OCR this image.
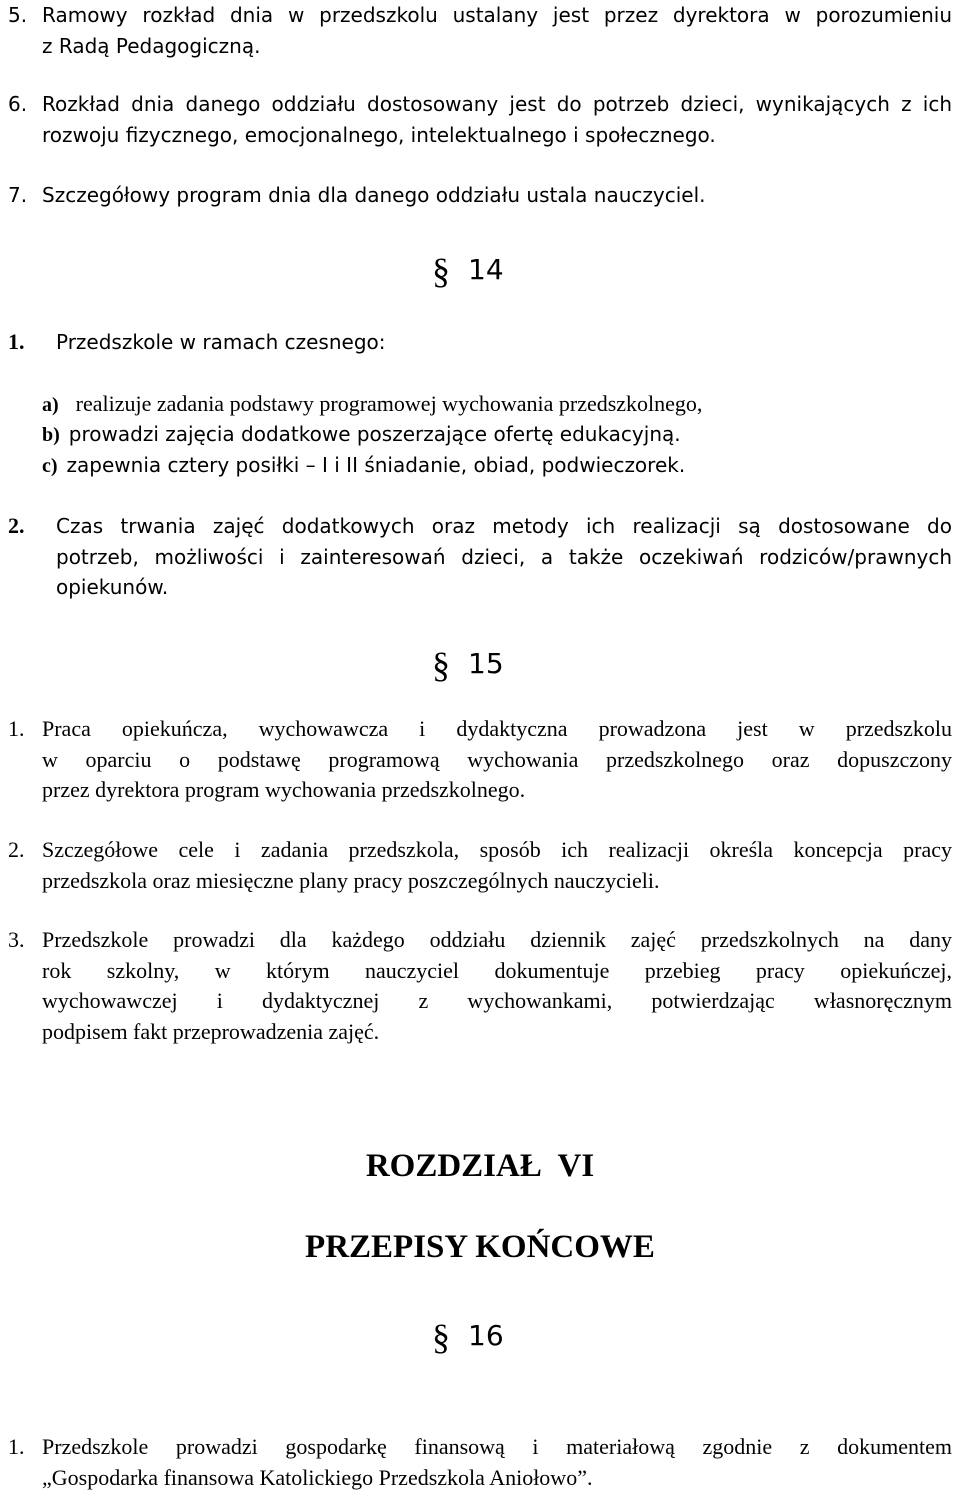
5. Ramowy rozkład dnia w przedszkolu ustalany jest przez dyrektora w porozumieniu
z Radą Pedagogiczną.
6. Rozkład dnia danego oddziału dostosowany jest do potrzeb dzieci, wynikających z ich
rozwoju fizycznego, emocjonalnego, intelektualnego i społecznego.
7. Szczegółowy program dnia dla danego oddziału ustala nauczyciel.
§ 14
1.	Przedszkole w ramach czesnego:
a) realizuje zadania podstawy programowej wychowania przedszkolnego,
b) prowadzi zajęcia dodatkowe poszerzające ofertę edukacyjną.
c) zapewnia cztery posiłki – I i II śniadanie, obiad, podwieczorek.
2.	Czas trwania zajęć dodatkowych oraz metody ich realizacji są dostosowane do
potrzeb, możliwości i zainteresowań dzieci, a także oczekiwań rodziców/prawnych
opiekunów.
§ 15
1. Praca opiekuńcza, wychowawcza i dydaktyczna prowadzona jest w przedszkolu
w oparciu o podstawę programową wychowania przedszkolnego oraz dopuszczony
przez dyrektora program wychowania przedszkolnego.
2. Szczegółowe cele i zadania przedszkola, sposób ich realizacji określa koncepcja pracy
przedszkola oraz miesięczne plany pracy poszczególnych nauczycieli.
3. Przedszkole prowadzi dla każdego oddziału dziennik zajęć przedszkolnych na dany
rok szkolny, w którym nauczyciel dokumentuje przebieg pracy opiekuńczej,
wychowawczej i dydaktycznej z wychowankami, potwierdzając własnoręcznym
podpisem fakt przeprowadzenia zajęć.
ROZDZIAŁ VI
PRZEPISY KOŃCOWE
§ 16
1. Przedszkole prowadzi gospodarkę finansową i materiałową zgodnie z dokumentem
„Gospodarka finansowa Katolickiego Przedszkola Aniołowo”.
